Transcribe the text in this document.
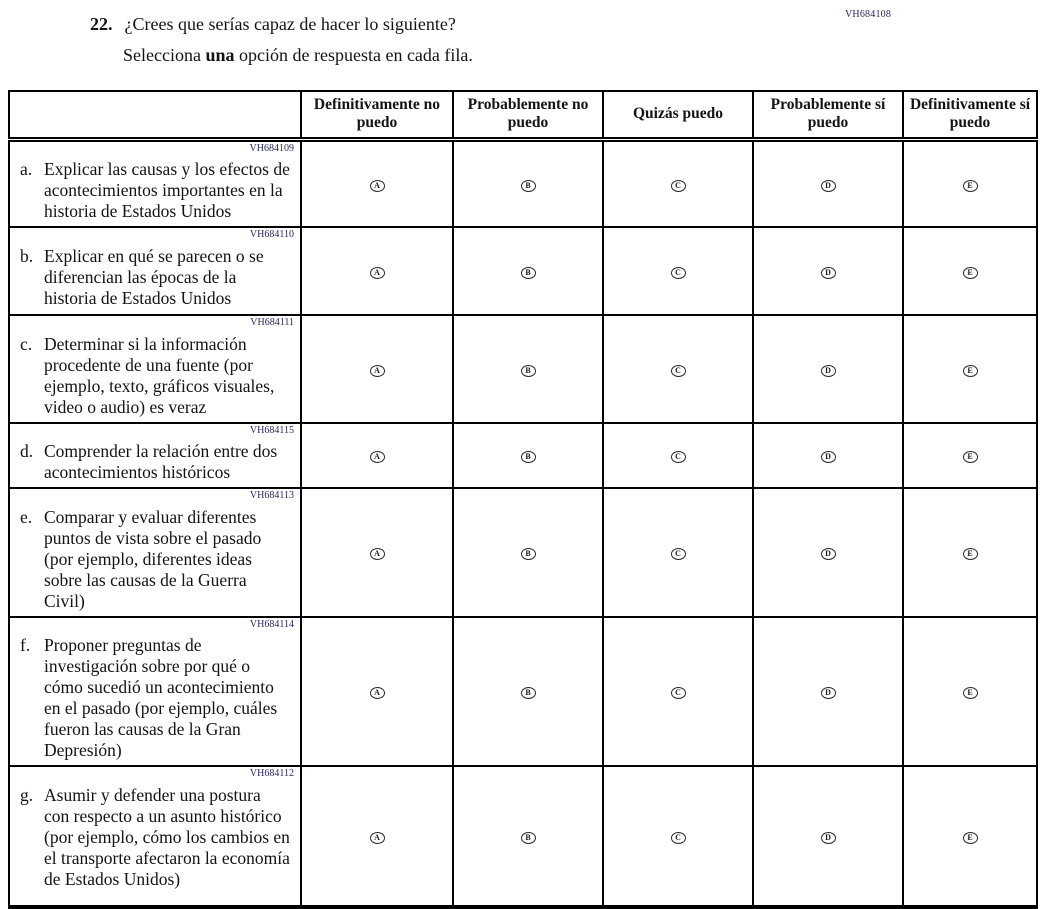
VH684108
22. ¿Crees que serías capaz de hacer lo siguiente?
Selecciona una opción de respuesta en cada fila.
	Definitivamente no puedo	Probablemente no puedo	Quizás puedo	Probablemente sí puedo	Definitivamente sí puedo

VH684109
a. Explicar las causas y los efectos de acontecimientos importantes en la historia de Estados Unidos	A	B	C	D	E

VH684110
b. Explicar en qué se parecen o se diferencian las épocas de la historia de Estados Unidos	A	B	C	D	E

VH684111
c. Determinar si la información procedente de una fuente (por ejemplo, texto, gráficos visuales, video o audio) es veraz	A	B	C	D	E

VH684115
d. Comprender la relación entre dos acontecimientos históricos	A	B	C	D	E

VH684113
e. Comparar y evaluar diferentes puntos de vista sobre el pasado (por ejemplo, diferentes ideas sobre las causas de la Guerra Civil)	A	B	C	D	E

VH684114
f. Proponer preguntas de investigación sobre por qué o cómo sucedió un acontecimiento en el pasado (por ejemplo, cuáles fueron las causas de la Gran Depresión)	A	B	C	D	E

VH684112
g. Asumir y defender una postura con respecto a un asunto histórico (por ejemplo, cómo los cambios en el transporte afectaron la economía de Estados Unidos)	A	B	C	D	E
